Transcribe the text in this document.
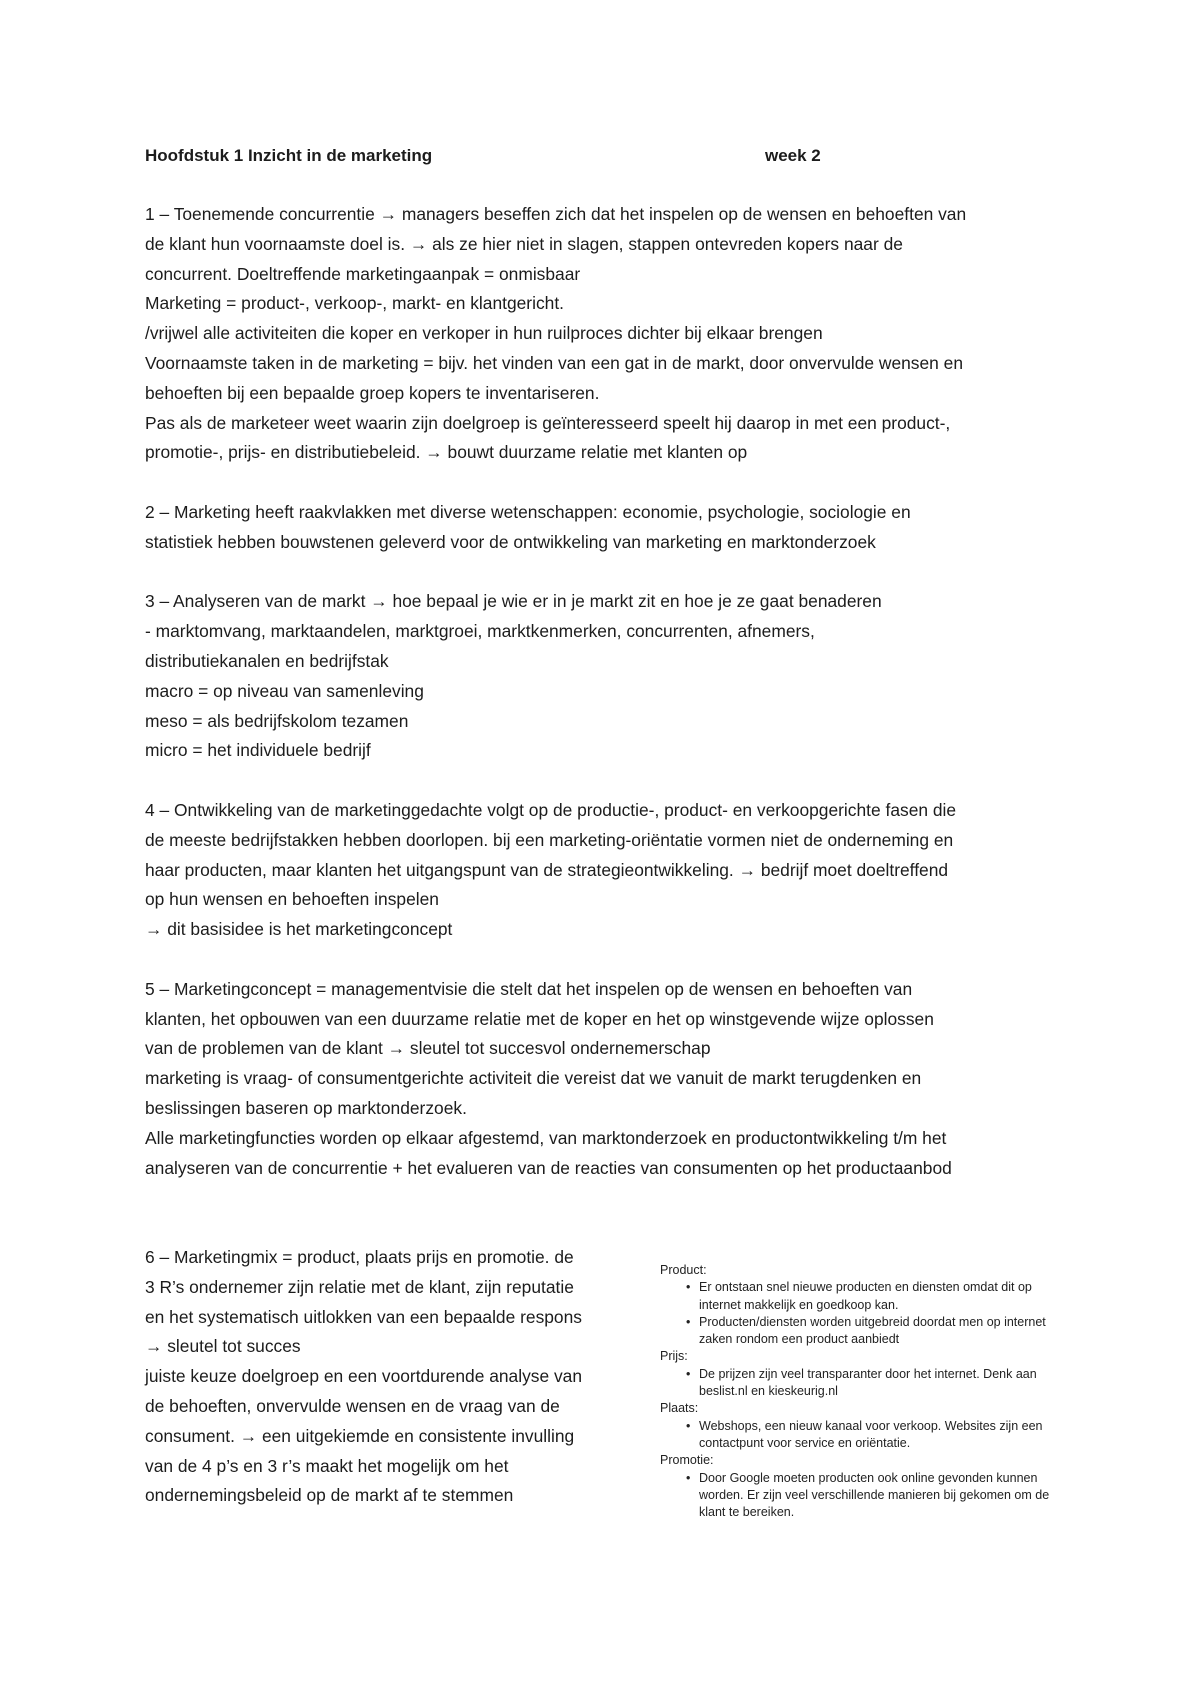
Hoofdstuk 1 Inzicht in de marketing	week 2

1 – Toenemende concurrentie → managers beseffen zich dat het inspelen op de wensen en behoeften van
de klant hun voornaamste doel is. → als ze hier niet in slagen, stappen ontevreden kopers naar de
concurrent. Doeltreffende marketingaanpak = onmisbaar
Marketing = product-, verkoop-, markt- en klantgericht.
/vrijwel alle activiteiten die koper en verkoper in hun ruilproces dichter bij elkaar brengen
Voornaamste taken in de marketing = bijv. het vinden van een gat in de markt, door onvervulde wensen en
behoeften bij een bepaalde groep kopers te inventariseren.
Pas als de marketeer weet waarin zijn doelgroep is geïnteresseerd speelt hij daarop in met een product-,
promotie-, prijs- en distributiebeleid. → bouwt duurzame relatie met klanten op

2 – Marketing heeft raakvlakken met diverse wetenschappen: economie, psychologie, sociologie en
statistiek hebben bouwstenen geleverd voor de ontwikkeling van marketing en marktonderzoek

3 – Analyseren van de markt → hoe bepaal je wie er in je markt zit en hoe je ze gaat benaderen
- marktomvang, marktaandelen, marktgroei, marktkenmerken, concurrenten, afnemers,
distributiekanalen en bedrijfstak
macro = op niveau van samenleving
meso = als bedrijfskolom tezamen
micro = het individuele bedrijf

4 – Ontwikkeling van de marketinggedachte volgt op de productie-, product- en verkoopgerichte fasen die
de meeste bedrijfstakken hebben doorlopen. bij een marketing-oriëntatie vormen niet de onderneming en
haar producten, maar klanten het uitgangspunt van de strategieontwikkeling. → bedrijf moet doeltreffend
op hun wensen en behoeften inspelen
→ dit basisidee is het marketingconcept

5 – Marketingconcept = managementvisie die stelt dat het inspelen op de wensen en behoeften van
klanten, het opbouwen van een duurzame relatie met de koper en het op winstgevende wijze oplossen
van de problemen van de klant → sleutel tot succesvol ondernemerschap
marketing is vraag- of consumentgerichte activiteit die vereist dat we vanuit de markt terugdenken en
beslissingen baseren op marktonderzoek.
Alle marketingfuncties worden op elkaar afgestemd, van marktonderzoek en productontwikkeling t/m het
analyseren van de concurrentie + het evalueren van de reacties van consumenten op het productaanbod

6 – Marketingmix = product, plaats prijs en promotie. de
3 R’s ondernemer zijn relatie met de klant, zijn reputatie
en het systematisch uitlokken van een bepaalde respons
→ sleutel tot succes
juiste keuze doelgroep en een voortdurende analyse van
de behoeften, onvervulde wensen en de vraag van de
consument. → een uitgekiemde en consistente invulling
van de 4 p’s en 3 r’s maakt het mogelijk om het
ondernemingsbeleid op de markt af te stemmen
Product:
• Er ontstaan snel nieuwe producten en diensten omdat dit op
internet makkelijk en goedkoop kan.
• Producten/diensten worden uitgebreid doordat men op internet
zaken rondom een product aanbiedt
Prijs:
• De prijzen zijn veel transparanter door het internet. Denk aan
beslist.nl en kieskeurig.nl
Plaats:
• Webshops, een nieuw kanaal voor verkoop. Websites zijn een
contactpunt voor service en oriëntatie.
Promotie:
• Door Google moeten producten ook online gevonden kunnen
worden. Er zijn veel verschillende manieren bij gekomen om de
klant te bereiken.
